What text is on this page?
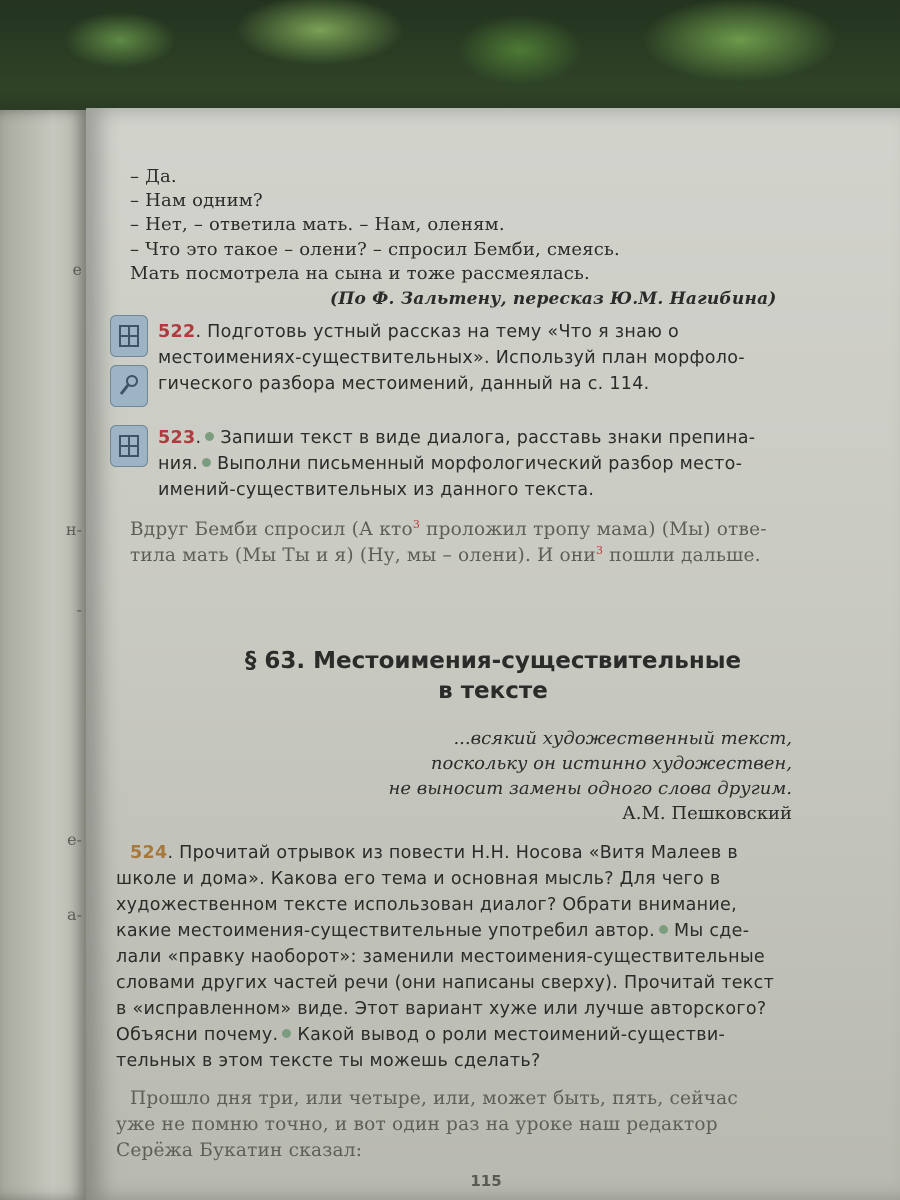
е
н-
-
е-
а-
– Да.
– Нам одним?
– Нет, – ответила мать. – Нам, оленям.
– Что это такое – олени? – спросил Бемби, смеясь.
Мать посмотрела на сына и тоже рассмеялась.
(По Ф. Зальтену, пересказ Ю.М. Нагибина)
522. Подготовь устный рассказ на тему «Что я знаю о
местоимениях-существительных». Используй план морфоло-
гического разбора местоимений, данный на с. 114.
523. Запиши текст в виде диалога, расставь знаки препина-
ния. Выполни письменный морфологический разбор место-
имений-существительных из данного текста.
Вдруг Бемби спросил (А кто$^3$ проложил тропу мама) (Мы) отве-
тила мать (Мы Ты и я) (Ну, мы – олени). И они$^3$ пошли дальше.
§ 63. Местоимения-существительные
в тексте
...всякий художественный текст,
поскольку он истинно художествен,
не выносит замены одного слова другим.
А.М. Пешковский
524. Прочитай отрывок из повести Н.Н. Носова «Витя Малеев в
школе и дома». Какова его тема и основная мысль? Для чего в
художественном тексте использован диалог? Обрати внимание,
какие местоимения-существительные употребил автор. Мы сде-
лали «правку наоборот»: заменили местоимения-существительные
словами других частей речи (они написаны сверху). Прочитай текст
в «исправленном» виде. Этот вариант хуже или лучше авторского?
Объясни почему. Какой вывод о роли местоимений-существи-
тельных в этом тексте ты можешь сделать?
Прошло дня три, или четыре, или, может быть, пять, сейчас
уже не помню точно, и вот один раз на уроке наш редактор
Серёжа Букатин сказал:
115
